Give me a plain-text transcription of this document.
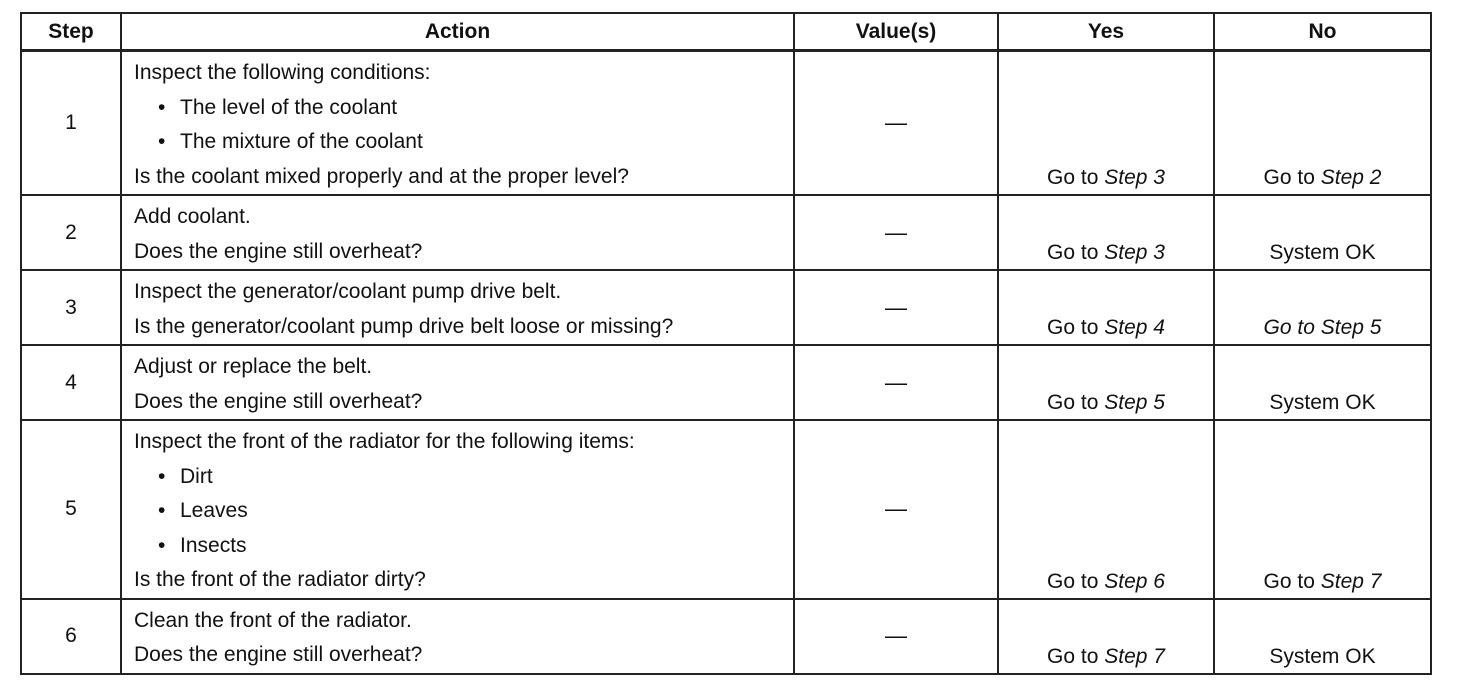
Step	Action	Value(s)	Yes	No
1	Inspect the following conditions:
• The level of the coolant
• The mixture of the coolant
Is the coolant mixed properly and at the proper level?	—	Go to Step 3	Go to Step 2
2	Add coolant.
Does the engine still overheat?	—	Go to Step 3	System OK
3	Inspect the generator/coolant pump drive belt.
Is the generator/coolant pump drive belt loose or missing?	—	Go to Step 4	Go to Step 5
4	Adjust or replace the belt.
Does the engine still overheat?	—	Go to Step 5	System OK
5	Inspect the front of the radiator for the following items:
• Dirt
• Leaves
• Insects
Is the front of the radiator dirty?	—	Go to Step 6	Go to Step 7
6	Clean the front of the radiator.
Does the engine still overheat?	—	Go to Step 7	System OK
